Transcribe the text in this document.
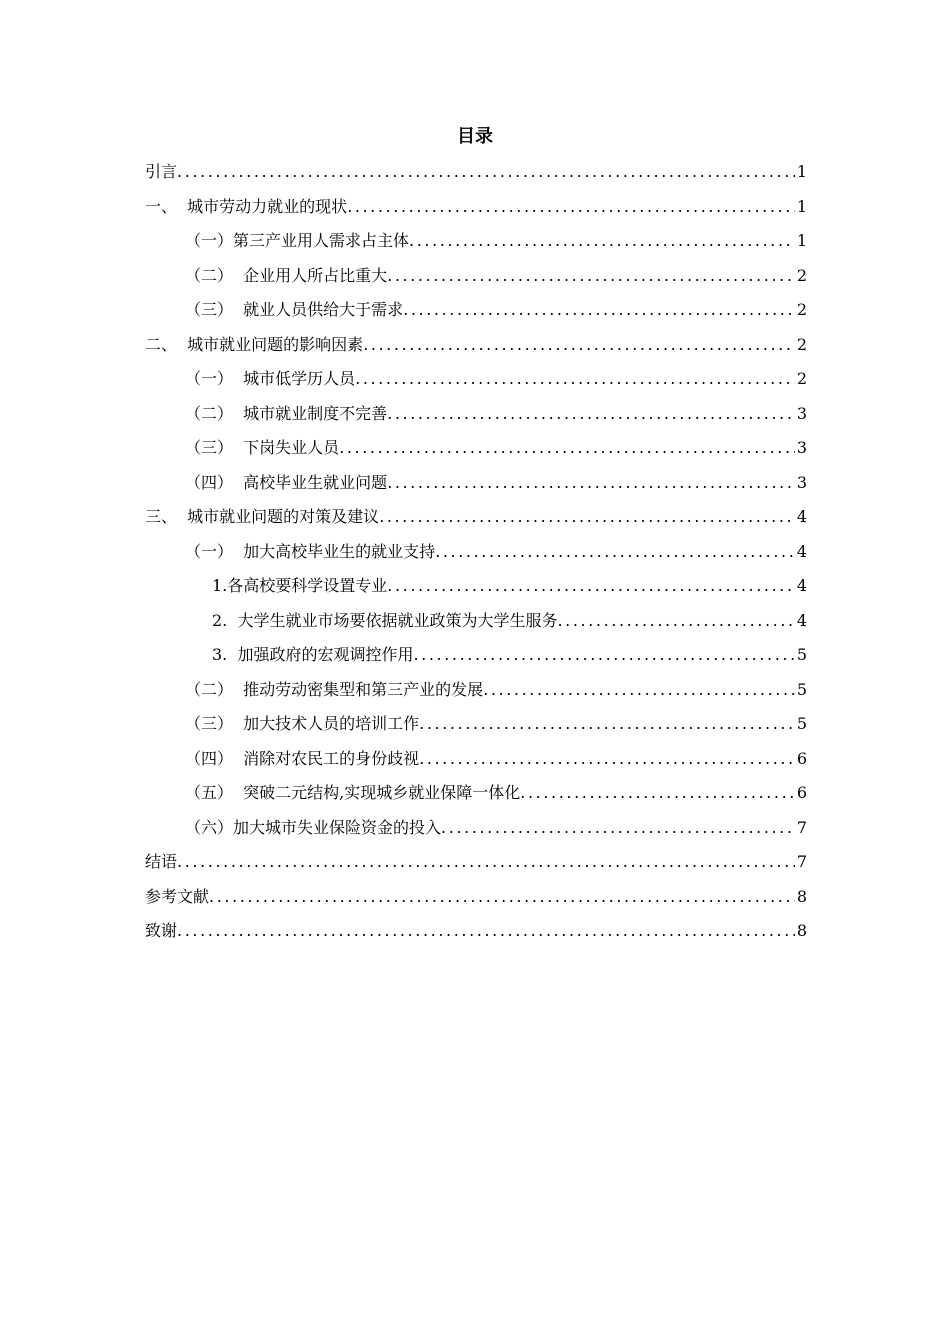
目录
引言 .....	1
一、  城市劳动力就业的现状 .....	1
（一）第三产业用人需求占主体 .....	1
（二）  企业用人所占比重大 .....	2
（三）  就业人员供给大于需求 .....	2
二、  城市就业问题的影响因素 .....	2
（一）  城市低学历人员 .....	2
（二）  城市就业制度不完善 .....	3
（三）  下岗失业人员 .....	3
（四）  高校毕业生就业问题 .....	3
三、  城市就业问题的对策及建议 .....	4
（一）  加大高校毕业生的就业支持 .....	4
1.各高校要科学设置专业 .....	4
2.  大学生就业市场要依据就业政策为大学生服务 .....	4
3.  加强政府的宏观调控作用 .....	5
（二）  推动劳动密集型和第三产业的发展 .....	5
（三）  加大技术人员的培训工作 .....	5
（四）  消除对农民工的身份歧视 .....	6
（五）  突破二元结构,实现城乡就业保障一体化 .....	6
（六）加大城市失业保险资金的投入 .....	7
结语 .....	7
参考文献 .....	8
致谢 .....	8
